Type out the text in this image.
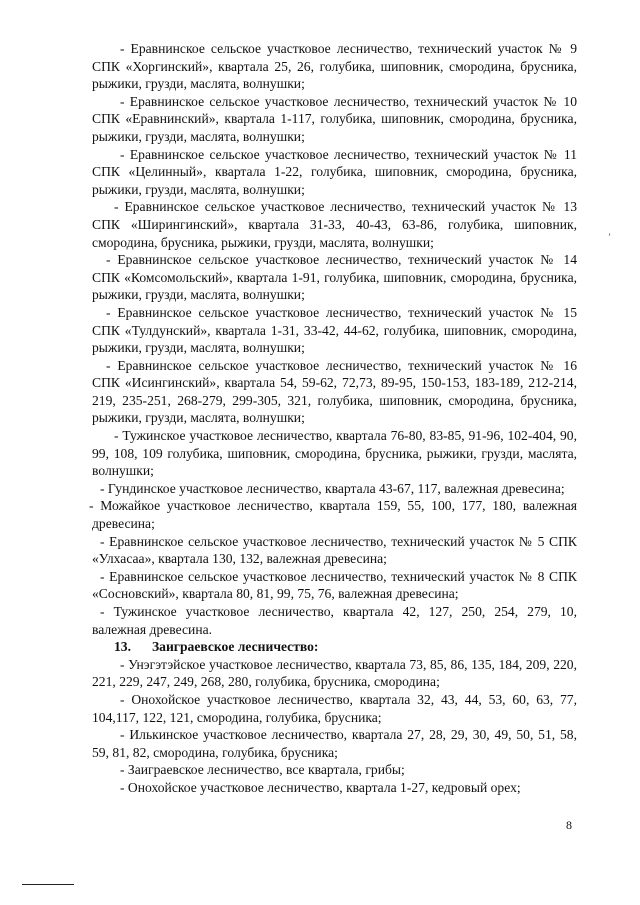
- Еравнинское сельское участковое лесничество, технический участок № 9 СПК «Хоргинский», квартала 25, 26, голубика, шиповник, смородина, брусника, рыжики, грузди, маслята, волнушки;

- Еравнинское сельское участковое лесничество, технический участок № 10 СПК «Еравнинский», квартала 1-117, голубика, шиповник, смородина, брусника, рыжики, грузди, маслята, волнушки;

- Еравнинское сельское участковое лесничество, технический участок № 11 СПК «Целинный», квартала 1-22, голубика, шиповник, смородина, брусника, рыжики, грузди, маслята, волнушки;

- Еравнинское сельское участковое лесничество, технический участок № 13 СПК «Ширингинский», квартала 31-33, 40-43, 63-86, голубика, шиповник, смородина, брусника, рыжики, грузди, маслята, волнушки;

- Еравнинское сельское участковое лесничество, технический участок № 14 СПК «Комсомольский», квартала 1-91, голубика, шиповник, смородина, брусника, рыжики, грузди, маслята, волнушки;

- Еравнинское сельское участковое лесничество, технический участок № 15 СПК «Тулдунский», квартала 1-31, 33-42, 44-62, голубика, шиповник, смородина, рыжики, грузди, маслята, волнушки;

- Еравнинское сельское участковое лесничество, технический участок № 16 СПК «Исингинский», квартала 54, 59-62, 72,73, 89-95, 150-153, 183-189, 212-214, 219, 235-251, 268-279, 299-305, 321, голубика, шиповник, смородина, брусника, рыжики, грузди, маслята, волнушки;

- Тужинское участковое лесничество, квартала 76-80, 83-85, 91-96, 102-404, 90, 99, 108, 109 голубика, шиповник, смородина, брусника, рыжики, грузди, маслята, волнушки;

- Гундинское участковое лесничество, квартала 43-67, 117, валежная древесина;

- Можайкое участковое лесничество, квартала 159, 55, 100, 177, 180, валежная древесина;

- Еравнинское сельское участковое лесничество, технический участок № 5 СПК «Улхасаа», квартала 130, 132, валежная древесина;

- Еравнинское сельское участковое лесничество, технический участок № 8 СПК «Сосновский», квартала 80, 81, 99, 75, 76, валежная древесина;

- Тужинское участковое лесничество, квартала 42, 127, 250, 254, 279, 10, валежная древесина.

13. Заиграевское лесничество:

- Унэгэтэйское участковое лесничество, квартала 73, 85, 86, 135, 184, 209, 220, 221, 229, 247, 249, 268, 280, голубика, брусника, смородина;

- Онохойское участковое лесничество, квартала 32, 43, 44, 53, 60, 63, 77, 104,117, 122, 121, смородина, голубика, брусника;

- Илькинское участковое лесничество, квартала 27, 28, 29, 30, 49, 50, 51, 58, 59, 81, 82, смородина, голубика, брусника;

- Заиграевское лесничество, все квартала, грибы;

- Онохойское участковое лесничество, квартала 1-27, кедровый орех;

ʼ
8
